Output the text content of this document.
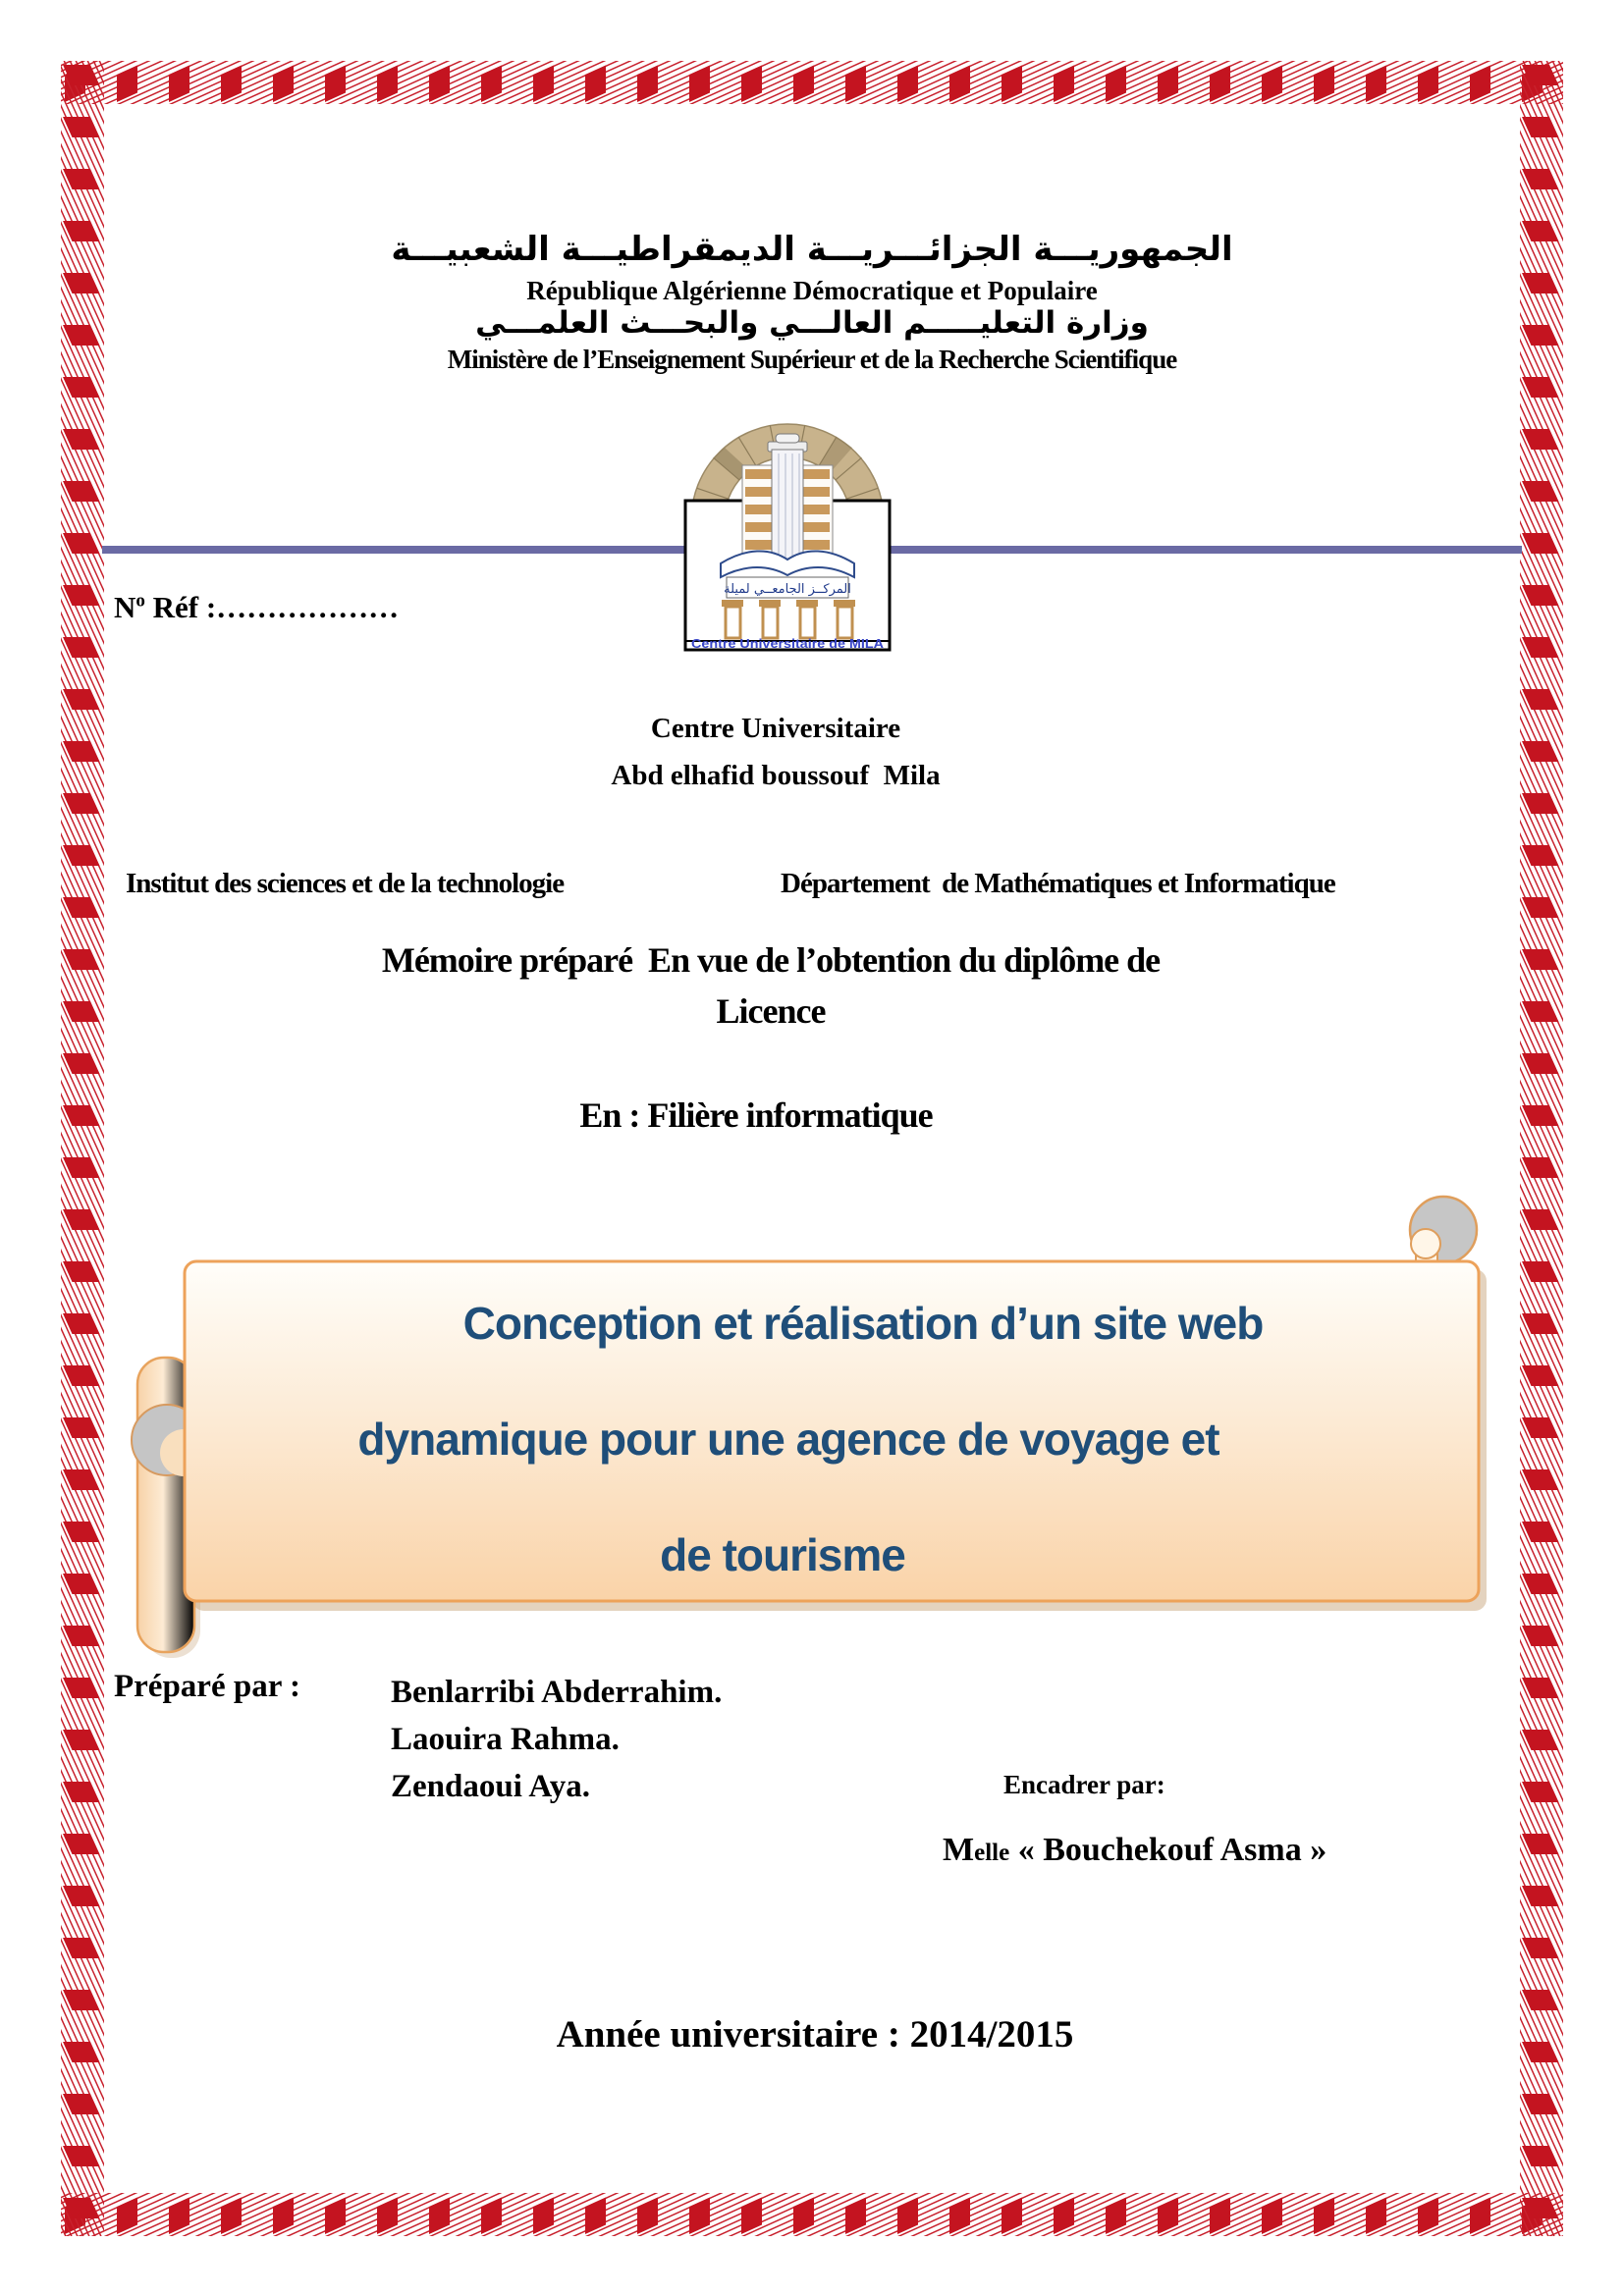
الجمهوريـــة الجزائـــريـــة الديمقراطيـــة الشعبيـــة
République Algérienne Démocratique et Populaire
وزارة التعليـــــم العالـــي والبحـــث العلمـــي
Ministère de l’Enseignement Supérieur et de la Recherche Scientifique
المركــز الجامعــي لميلة
Centre Universitaire de MILA
$N^o$ Réf :………………
Centre Universitaire
Abd elhafid boussouf  Mila
Institut des sciences et de la technologie	Département  de Mathématiques et Informatique
Mémoire préparé  En vue de l’obtention du diplôme de
Licence
En : Filière informatique
Conception et réalisation d’un site web
dynamique pour une agence de voyage et
de tourisme
Préparé par :	Benlarribi Abderrahim.
Laouira Rahma.
Zendaoui Aya.	Encadrer par:
Melle « Bouchekouf Asma »
Année universitaire : 2014/2015
